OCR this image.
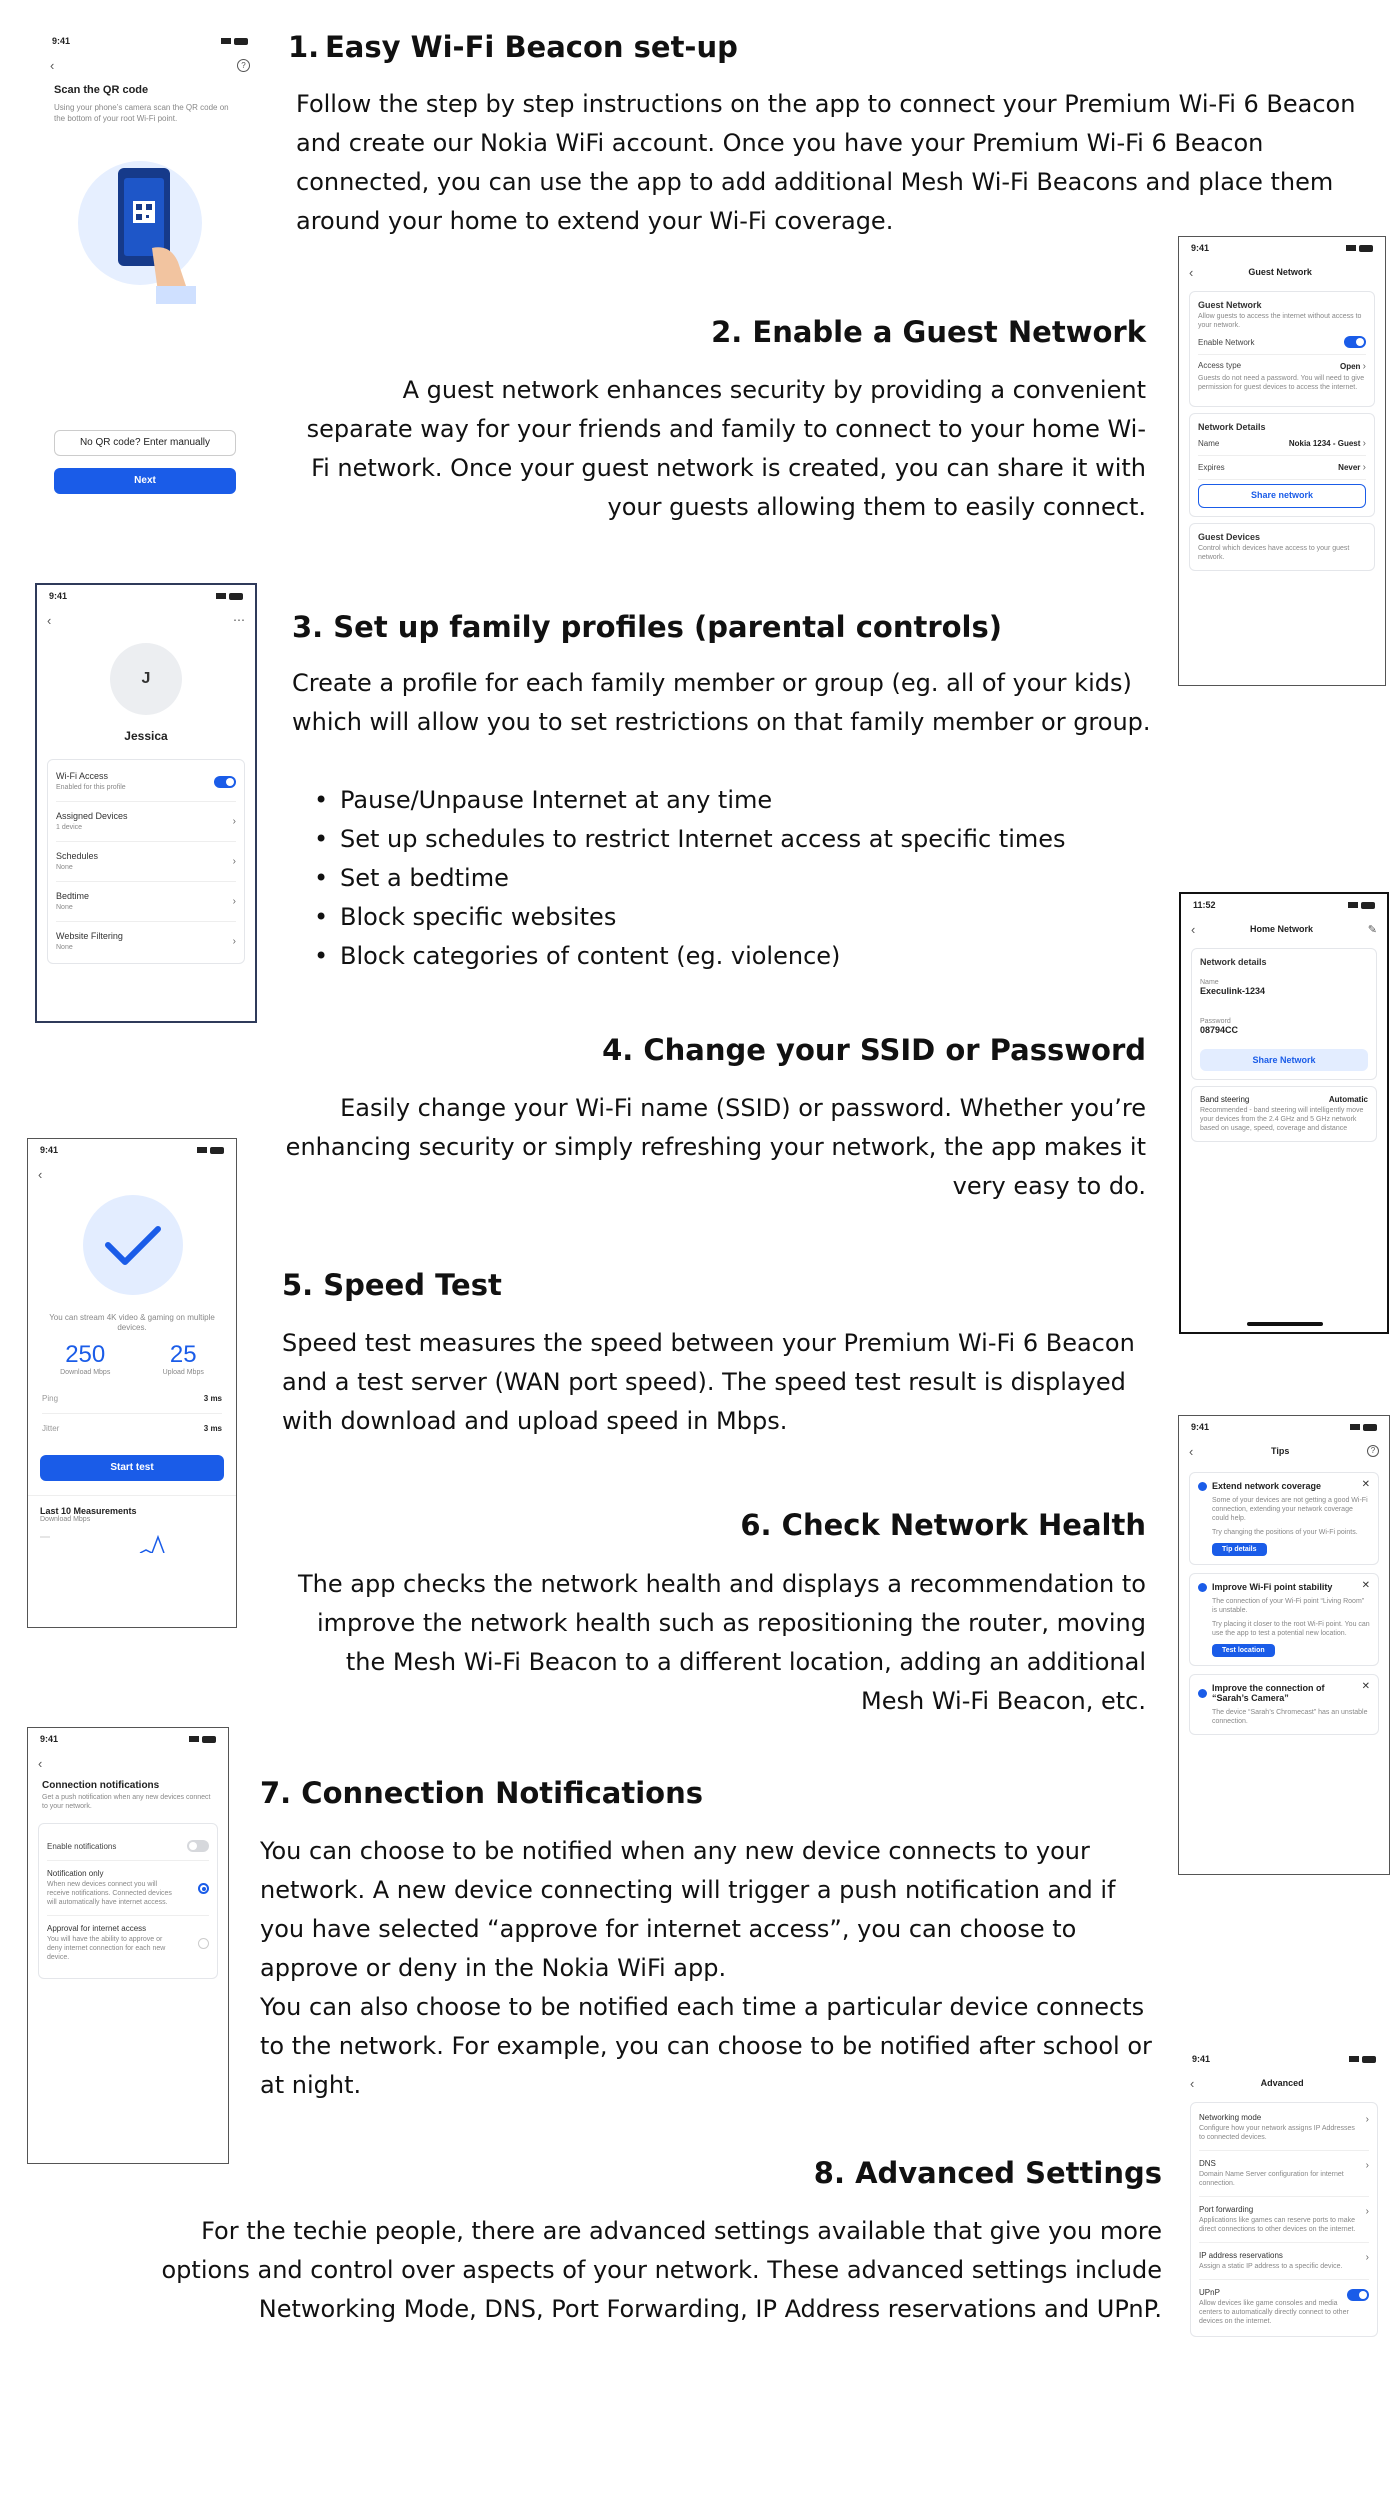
1. Easy Wi-Fi Beacon set-up
Follow the step by step instructions on the app to connect your Premium Wi-Fi 6 Beacon and create our Nokia WiFi account. Once you have your Premium Wi-Fi 6 Beacon connected, you can use the app to add additional Mesh Wi-Fi Beacons and place them around your home to extend your Wi-Fi coverage.
2. Enable a Guest Network
A guest network enhances security by providing a convenient separate way for your friends and family to connect to your home Wi-Fi network. Once your guest network is created, you can share it with your guests allowing them to easily connect.
3. Set up family profiles (parental controls)
Create a profile for each family member or group (eg. all of your kids) which will allow you to set restrictions on that family member or group.
• Pause/Unpause Internet at any time
• Set up schedules to restrict Internet access at specific times
• Set a bedtime
• Block specific websites
• Block categories of content (eg. violence)
4. Change your SSID or Password
Easily change your Wi-Fi name (SSID) or password. Whether you’re enhancing security or simply refreshing your network, the app makes it very easy to do.
5. Speed Test
Speed test measures the speed between your Premium Wi-Fi 6 Beacon and a test server (WAN port speed). The speed test result is displayed with download and upload speed in Mbps.
6. Check Network Health
The app checks the network health and displays a recommendation to improve the network health such as repositioning the router, moving the Mesh Wi-Fi Beacon to a different location, adding an additional Mesh Wi-Fi Beacon, etc.
7. Connection Notifications
You can choose to be notified when any new device connects to your network. A new device connecting will trigger a push notification and if you have selected “approve for internet access”, you can choose to approve or deny in the Nokia WiFi app.
You can also choose to be notified each time a particular device connects to the network. For example, you can choose to be notified after school or at night.
8. Advanced Settings
For the techie people, there are advanced settings available that give you more options and control over aspects of your network. These advanced settings include Networking Mode, DNS, Port Forwarding, IP Address reservations and UPnP.
9:41
‹	?
Scan the QR code
Using your phone’s camera scan the QR code on the bottom of your root Wi-Fi point.
No QR code? Enter manually
Next
9:41
‹	Guest Network
Guest Network
Allow guests to access the internet without access to your network.
Enable Network
Access type	Open ›
Guests do not need a password. You will need to give permission for guest devices to access the internet.
Network Details
Name	Nokia 1234 - Guest ›
Expires	Never ›
Share network
Guest Devices
Control which devices have access to your guest network.
9:41
‹	⋯
J
Jessica
Wi-Fi Access
Enabled for this profile
Assigned Devices
1 device
›
Schedules
None
›
Bedtime
None
›
Website Filtering
None
›
11:52
‹	Home Network	✎
Network details
Name
Execulink-1234
Password
08794CC
Share Network
Band steering	Automatic
Recommended - band steering will intelligently move your devices from the 2.4 GHz and 5 GHz network based on usage, speed, coverage and distance
9:41
‹
You can stream 4K video & gaming on multiple devices.
250
Download Mbps
25
Upload Mbps
Ping	3 ms
Jitter	3 ms
Start test
Last 10 Measurements
Download Mbps
9:41
‹	Tips	?
Extend network coverage	✕
Some of your devices are not getting a good Wi-Fi connection, extending your network coverage could help.
Try changing the positions of your Wi-Fi points.
Tip details
Improve Wi-Fi point stability	✕
The connection of your Wi-Fi point “Living Room” is unstable.
Try placing it closer to the root Wi-Fi point. You can use the app to test a potential new location.
Test location
Improve the connection of “Sarah’s Camera”
✕
The device “Sarah’s Chromecast” has an unstable connection.
9:41
‹
Connection notifications
Get a push notification when any new devices connect to your network.
Enable notifications
Notification only
When new devices connect you will receive notifications. Connected devices will automatically have internet access.
Approval for internet access
You will have the ability to approve or deny internet connection for each new device.
9:41
‹	Advanced
Networking mode
Configure how your network assigns IP Addresses to connected devices.
›
DNS
Domain Name Server configuration for internet connection.
›
Port forwarding
Applications like games can reserve ports to make direct connections to other devices on the internet.
›
IP address reservations
Assign a static IP address to a specific device.
›
UPnP
Allow devices like game consoles and media centers to automatically directly connect to other devices on the internet.
